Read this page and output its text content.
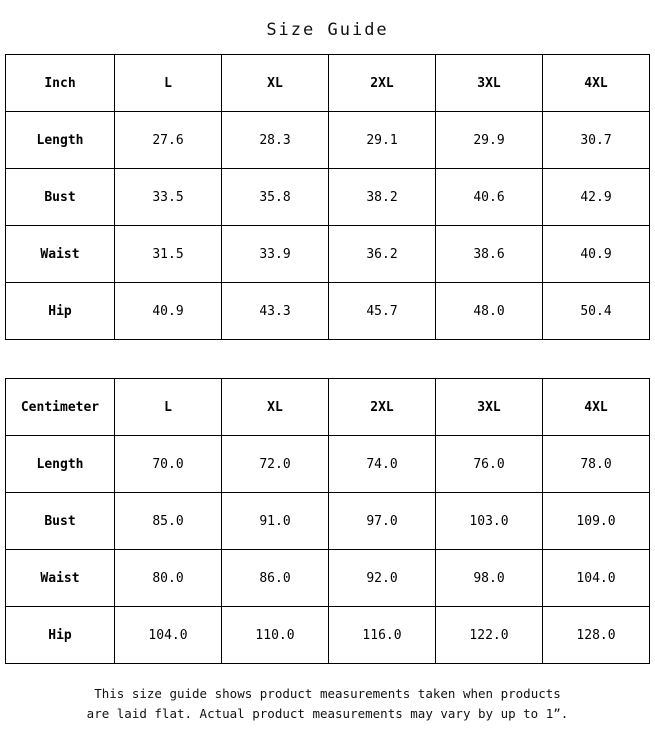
Size Guide
Inch	L	XL	2XL	3XL	4XL
Length	27.6	28.3	29.1	29.9	30.7
Bust	33.5	35.8	38.2	40.6	42.9
Waist	31.5	33.9	36.2	38.6	40.9
Hip	40.9	43.3	45.7	48.0	50.4
Centimeter	L	XL	2XL	3XL	4XL
Length	70.0	72.0	74.0	76.0	78.0
Bust	85.0	91.0	97.0	103.0	109.0
Waist	80.0	86.0	92.0	98.0	104.0
Hip	104.0	110.0	116.0	122.0	128.0
This size guide shows product measurements taken when products
are laid flat. Actual product measurements may vary by up to 1”.
